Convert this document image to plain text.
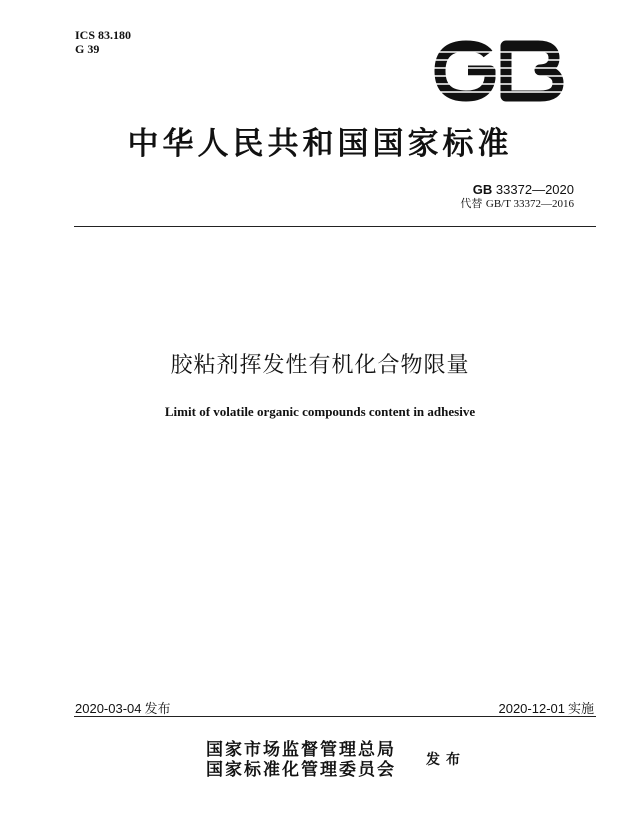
ICS 83.180
G 39
中华人民共和国国家标准
GB 33372—2020
代替 GB/T 33372—2016
胶粘剂挥发性有机化合物限量
Limit of volatile organic compounds content in adhesive
2020-03-04 发布	2020-12-01 实施
国家市场监督管理总局
国家标准化管理委员会 发布
